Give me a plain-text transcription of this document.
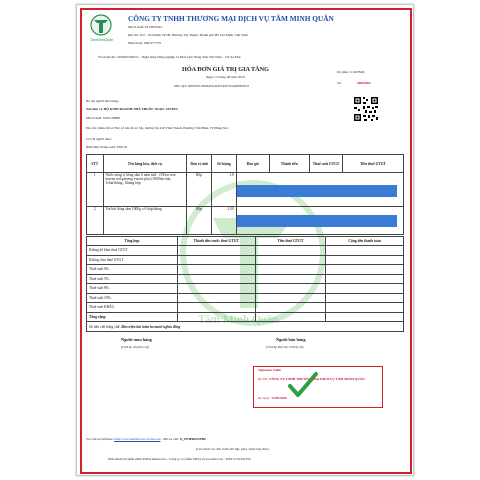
Tâm Minh Quân
TâmMinhQuân
CÔNG TY TNHH THƯƠNG MẠI DỊCH VỤ TÂM MINH QUÂN
Mã số thuế: 0313830344
Địa chỉ: 102 - 104 Kênh 19/5B, Phường Tây Thạnh, Thành phố Hồ Chí Minh, Việt Nam
Điện thoại: 0907277779
Số tài khoản: 1606201048151 - Ngân hàng Nông nghiệp và Phát triển Nông thôn Việt Nam - CN An Phú
HÓA ĐƠN GIÁ TRỊ GIA TĂNG
Ngày 17 tháng 08 năm 2026
Mã CQT: 00667DC9E6AD344DF1A9F561A89060F25
Ký hiệu: 1C26TMQ
Số:	00001860
Họ tên người mua hàng:
Tên đơn vị: HỘ KINH DOANH NHÀ THUỐC NGỌC SƯƠNG
Mã số thuế: 0181018898
Địa chỉ: (thửa đất số 392, tờ bản đồ số 54), đường D4, KP Vĩnh Thành, Phường Trấn Biên, TP Đồng Nai
CCCD người mua:
Hình thức thanh toán: TM/CK
STT	Tên hàng hóa, dịch vụ	Đơn vị tính	Số lượng	Đơn giá	Thành tiền	Thuế suất GTGT	Tiền thuế GTGT
1	Nước uống vị hồng sâm 6 năm tuổi - (6Year root korean red ginseng extract plus) 3000ml chai, 3chai/thùng, 1thùng hộp	Hộp	1.0				

2	Trà hắc hồng sâm 1000g x 6 hộp/thùng	Hộp	2.00				
Tổng hợp	Thành tiền trước thuế GTGT	Tiền thuế GTGT	Cộng tiền thanh toán
Không kê khai thuế GTGT			
Không chịu thuế GTGT			
Thuế suất 0%:			
Thuế suất 5%:			
Thuế suất 8%:			
Thuế suất 10%:			
Thuế suất KHÁC:			
Tổng cộng:			
Số tiền viết bằng chữ: Bốn triệu hai trăm ba mươi nghìn đồng			
Người mua hàng
(Chữ ký số (nếu có))
Người bán hàng
(Chữ ký điện tử, Chữ ký số)
Signature Valid
Ký bởi: CÔNG TY TNHH THƯƠNG MẠI DỊCH VỤ TÂM MINH QUÂN
Ký ngày: 17/08/2026
Tra cứu tại Website: https://www.meinvoice.vn/tra-cuu - Mã tra cứu: Q_FEIPRKNPB0
(Cần kiểm tra, đối chiếu khi lập, giao, nhận hóa đơn)
Phát hành bởi phần mềm MISA meInvoice - Công ty Cổ phần MISA (www.misa.vn) - MST 0101243150
